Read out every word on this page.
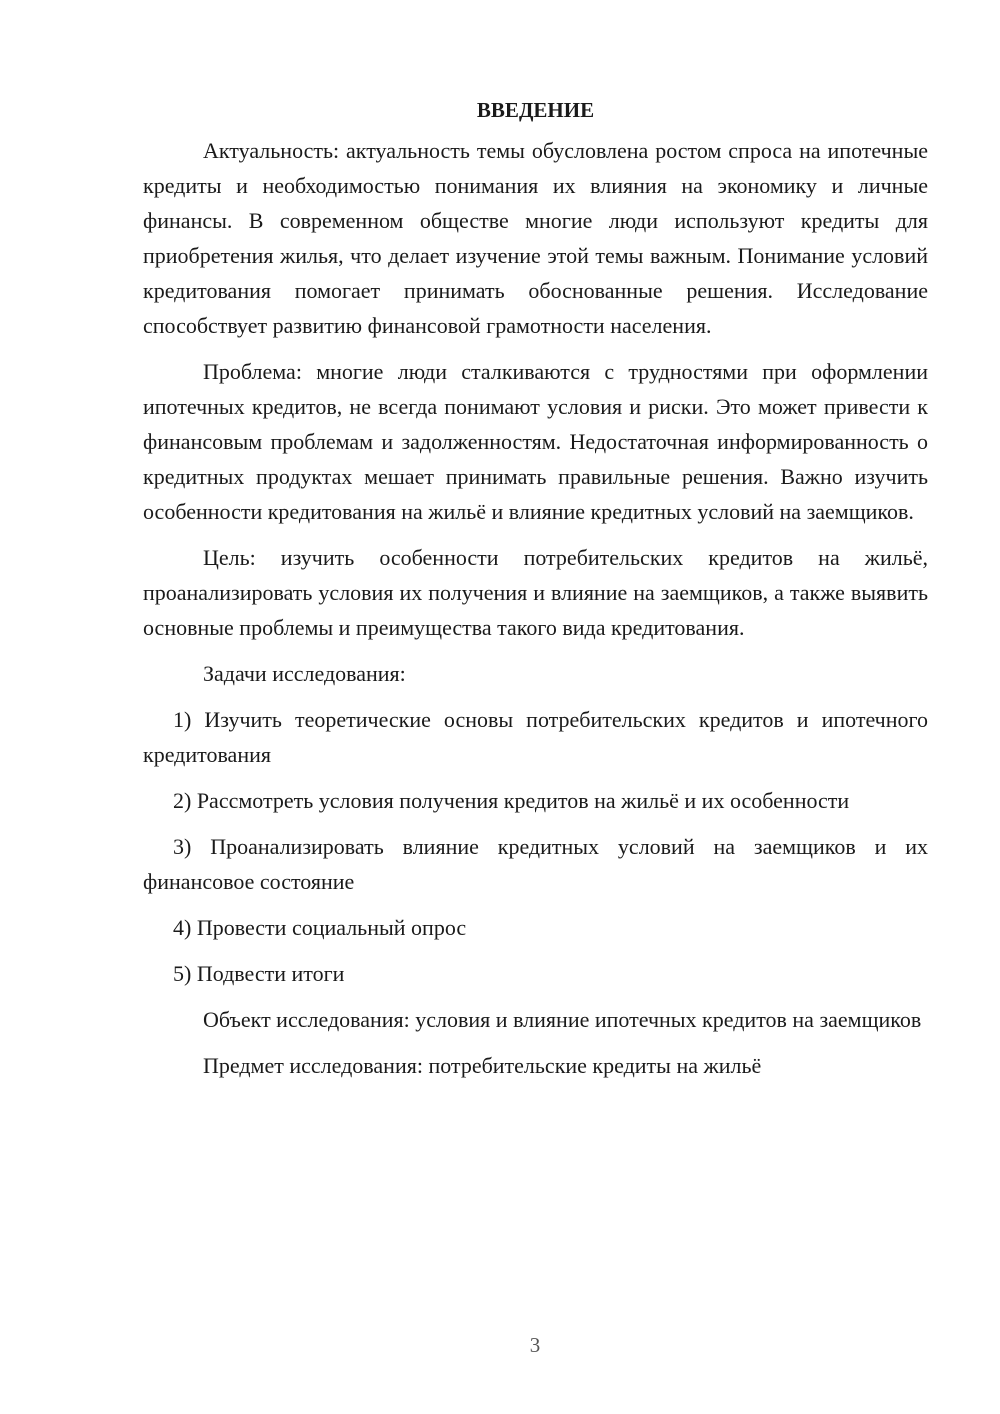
ВВЕДЕНИЕ

Актуальность: актуальность темы обусловлена ростом спроса на ипотечные кредиты и необходимостью понимания их влияния на экономику и личные финансы. В современном обществе многие люди используют кредиты для приобретения жилья, что делает изучение этой темы важным. Понимание условий кредитования помогает принимать обоснованные решения. Исследование способствует развитию финансовой грамотности населения.

Проблема: многие люди сталкиваются с трудностями при оформлении ипотечных кредитов, не всегда понимают условия и риски. Это может привести к финансовым проблемам и задолженностям. Недостаточная информированность о кредитных продуктах мешает принимать правильные решения. Важно изучить особенности кредитования на жильё и влияние кредитных условий на заемщиков.

Цель: изучить особенности потребительских кредитов на жильё, проанализировать условия их получения и влияние на заемщиков, а также выявить основные проблемы и преимущества такого вида кредитования.

Задачи исследования:

1) Изучить теоретические основы потребительских кредитов и ипотечного кредитования

2) Рассмотреть условия получения кредитов на жильё и их особенности

3) Проанализировать влияние кредитных условий на заемщиков и их финансовое состояние

4) Провести социальный опрос

5) Подвести итоги

Объект исследования: условия и влияние ипотечных кредитов на заемщиков

Предмет исследования: потребительские кредиты на жильё

3
